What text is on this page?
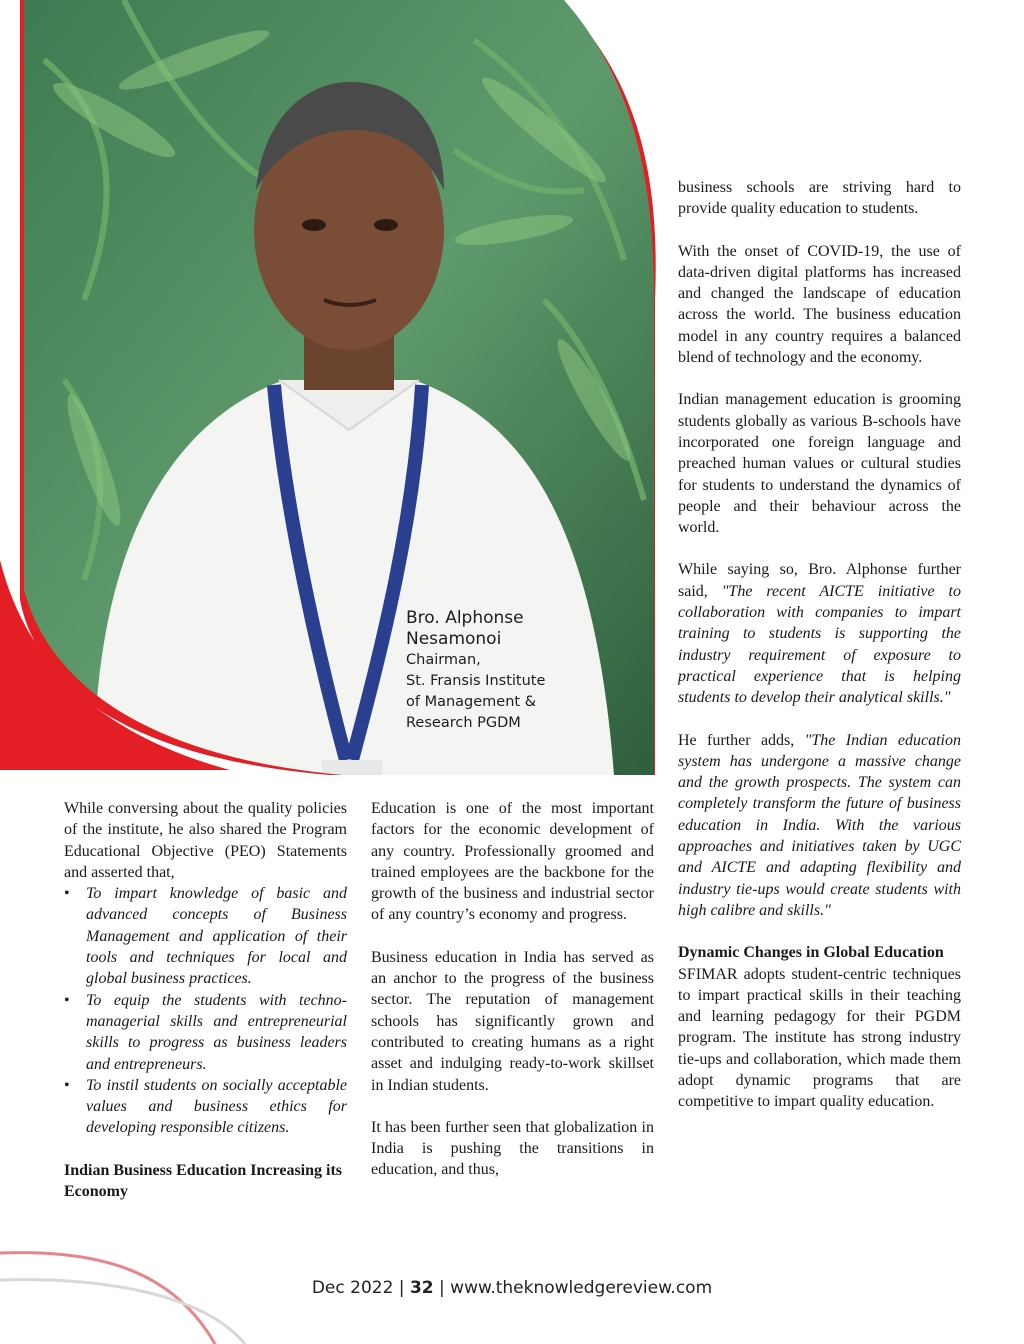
Bro. Alphonse Nesamonoi
Chairman,
St. Fransis Institute
of Management &
Research PGDM

While conversing about the quality policies of the institute, he also shared the Program Educational Objective (PEO) Statements and asserted that,

• To impart knowledge of basic and advanced concepts of Business Management and application of their tools and techniques for local and global business practices.
• To equip the students with techno-managerial skills and entrepreneurial skills to progress as business leaders and entrepreneurs.
• To instil students on socially acceptable values and business ethics for developing responsible citizens.
Indian Business Education Increasing its Economy

Education is one of the most important factors for the economic development of any country. Professionally groomed and trained employees are the backbone for the growth of the business and industrial sector of any country’s economy and progress.

Business education in India has served as an anchor to the progress of the business sector. The reputation of management schools has significantly grown and contributed to creating humans as a right asset and indulging ready-to-work skillset in Indian students.

It has been further seen that globalization in India is pushing the transitions in education, and thus,

business schools are striving hard to provide quality education to students.

With the onset of COVID-19, the use of data-driven digital platforms has increased and changed the landscape of education across the world. The business education model in any country requires a balanced blend of technology and the economy.

Indian management education is grooming students globally as various B-schools have incorporated one foreign language and preached human values or cultural studies for students to understand the dynamics of people and their behaviour across the world.

While saying so, Bro. Alphonse further said, "The recent AICTE initiative to collaboration with companies to impart training to students is supporting the industry requirement of exposure to practical experience that is helping students to develop their analytical skills."

He further adds, "The Indian education system has undergone a massive change and the growth prospects. The system can completely transform the future of business education in India. With the various approaches and initiatives taken by UGC and AICTE and adapting flexibility and industry tie-ups would create students with high calibre and skills."

Dynamic Changes in Global Education

SFIMAR adopts student-centric techniques to impart practical skills in their teaching and learning pedagogy for their PGDM program. The institute has strong industry tie-ups and collaboration, which made them adopt dynamic programs that are competitive to impart quality education.

Dec 2022 | 32 | www.theknowledgereview.com
